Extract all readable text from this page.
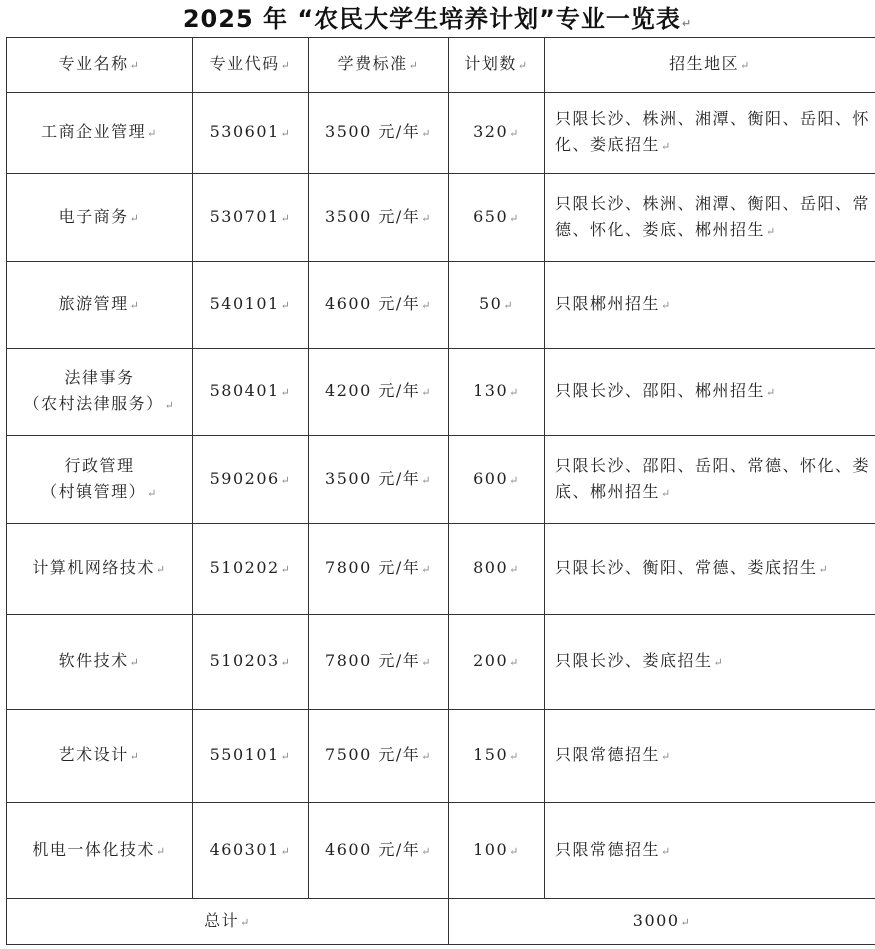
2025 年 “农民大学生培养计划”专业一览表↵
专业名称↵	专业代码↵	学费标准↵	计划数↵	招生地区↵
工商企业管理↵	530601↵	3500 元/年↵	320↵	只限长沙、株洲、湘潭、衡阳、岳阳、怀化、娄底招生↵
电子商务↵	530701↵	3500 元/年↵	650↵	只限长沙、株洲、湘潭、衡阳、岳阳、常德、怀化、娄底、郴州招生↵
旅游管理↵	540101↵	4600 元/年↵	50↵	只限郴州招生↵
法律事务
（农村法律服务）↵	580401↵	4200 元/年↵	130↵	只限长沙、邵阳、郴州招生↵
行政管理
（村镇管理）↵	590206↵	3500 元/年↵	600↵	只限长沙、邵阳、岳阳、常德、怀化、娄底、郴州招生↵
计算机网络技术↵	510202↵	7800 元/年↵	800↵	只限长沙、衡阳、常德、娄底招生↵
软件技术↵	510203↵	7800 元/年↵	200↵	只限长沙、娄底招生↵
艺术设计↵	550101↵	7500 元/年↵	150↵	只限常德招生↵
机电一体化技术↵	460301↵	4600 元/年↵	100↵	只限常德招生↵
总计↵			3000↵	
